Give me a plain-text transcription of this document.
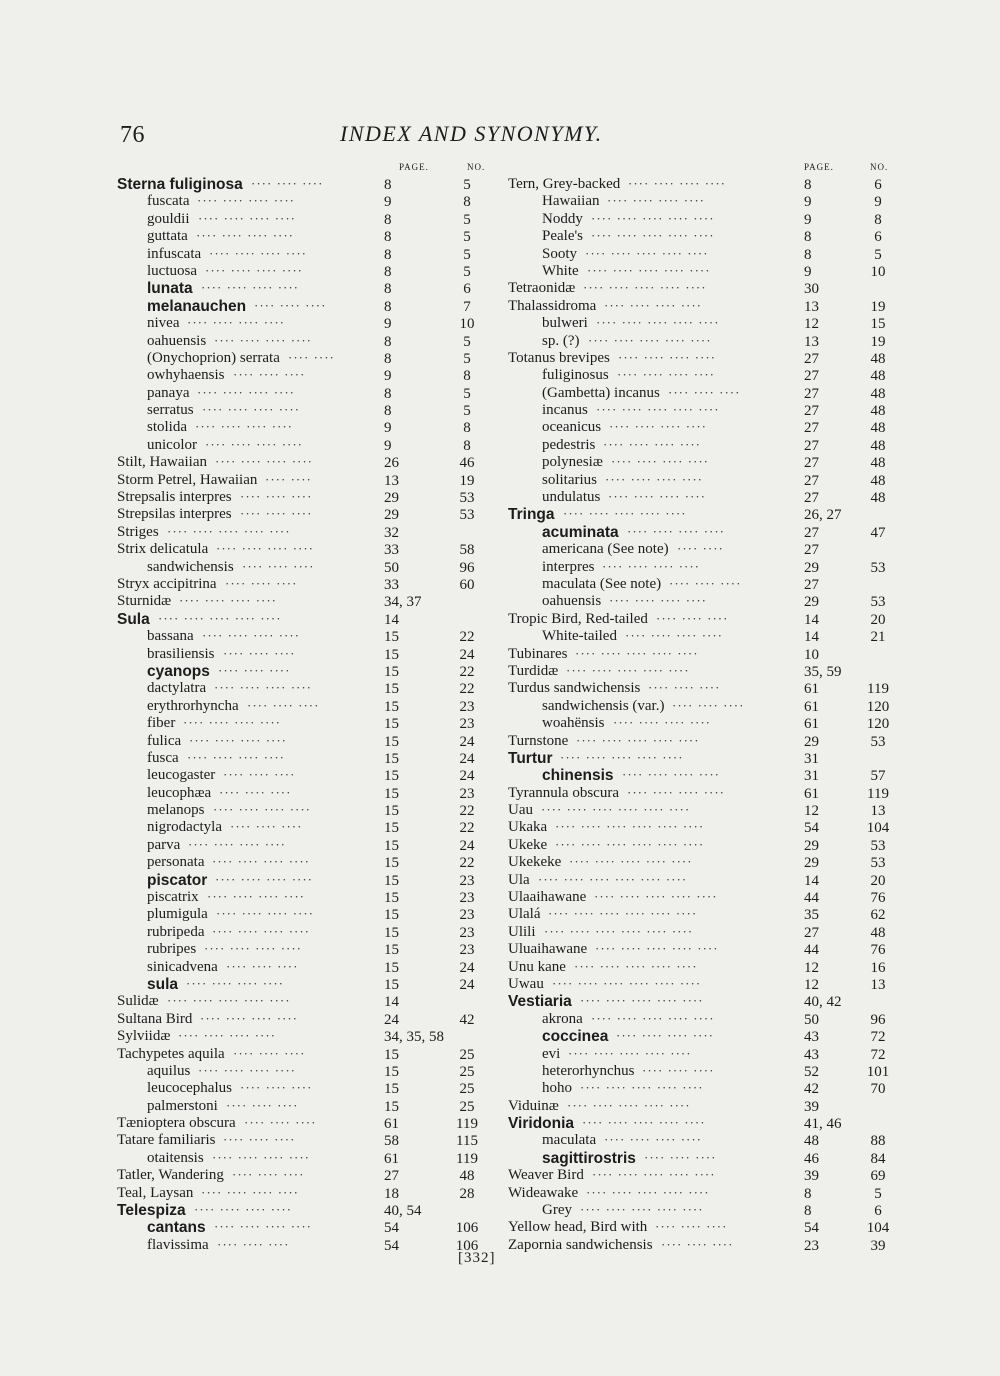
76	INDEX AND SYNONYMY.
PAGE.	NO.
Sterna fuliginosa ···· ···· ····	8	5
fuscata ···· ···· ···· ····	9	8
gouldii ···· ···· ···· ····	8	5
guttata ···· ···· ···· ····	8	5
infuscata ···· ···· ···· ····	8	5
luctuosa ···· ···· ···· ····	8	5
lunata ···· ···· ···· ····	8	6
melanauchen ···· ···· ····	8	7
nivea ···· ···· ···· ····	9	10
oahuensis ···· ···· ···· ····	8	5
(Onychoprion) serrata ···· ····	8	5
owhyhaensis ···· ···· ····	9	8
panaya ···· ···· ···· ····	8	5
serratus ···· ···· ···· ····	8	5
stolida ···· ···· ···· ····	9	8
unicolor ···· ···· ···· ····	9	8
Stilt, Hawaiian ···· ···· ···· ····	26	46
Storm Petrel, Hawaiian ···· ····	13	19
Strepsalis interpres ···· ···· ····	29	53
Strepsilas interpres ···· ···· ····	29	53
Striges ···· ···· ···· ···· ····	32
Strix delicatula ···· ···· ···· ····	33	58
sandwichensis ···· ···· ····	50	96
Stryx accipitrina ···· ···· ····	33	60
Sturnidæ ···· ···· ···· ····	34, 37
Sula ···· ···· ···· ···· ····	14
bassana ···· ···· ···· ····	15	22
brasiliensis ···· ···· ····	15	24
cyanops ···· ···· ····	15	22
dactylatra ···· ···· ···· ····	15	22
erythrorhyncha ···· ···· ····	15	23
fiber ···· ···· ···· ····	15	23
fulica ···· ···· ···· ····	15	24
fusca ···· ···· ···· ····	15	24
leucogaster ···· ···· ····	15	24
leucophæa ···· ···· ····	15	23
melanops ···· ···· ···· ····	15	22
nigrodactyla ···· ···· ····	15	22
parva ···· ···· ···· ····	15	24
personata ···· ···· ···· ····	15	22
piscator ···· ···· ···· ····	15	23
piscatrix ···· ···· ···· ····	15	23
plumigula ···· ···· ···· ····	15	23
rubripeda ···· ···· ···· ····	15	23
rubripes ···· ···· ···· ····	15	23
sinicadvena ···· ···· ····	15	24
sula ···· ···· ···· ····	15	24
Sulidæ ···· ···· ···· ···· ····	14
Sultana Bird ···· ···· ···· ····	24	42
Sylviidæ ···· ···· ···· ····	34, 35, 58
Tachypetes aquila ···· ···· ····	15	25
aquilus ···· ···· ···· ····	15	25
leucocephalus ···· ···· ····	15	25
palmerstoni ···· ···· ····	15	25
Tænioptera obscura ···· ···· ····	61	119
Tatare familiaris ···· ···· ····	58	115
otaitensis ···· ···· ···· ····	61	119
Tatler, Wandering ···· ···· ····	27	48
Teal, Laysan ···· ···· ···· ····	18	28
Telespiza ···· ···· ···· ····	40, 54
cantans ···· ···· ···· ····	54	106
flavissima ···· ···· ····	54	106
PAGE.	NO.
Tern, Grey-backed ···· ···· ···· ····	8	6
Hawaiian ···· ···· ···· ····	9	9
Noddy ···· ···· ···· ···· ····	9	8
Peale's ···· ···· ···· ···· ····	8	6
Sooty ···· ···· ···· ···· ····	8	5
White ···· ···· ···· ···· ····	9	10
Tetraonidæ ···· ···· ···· ···· ····	30
Thalassidroma ···· ···· ···· ····	13	19
bulweri ···· ···· ···· ···· ····	12	15
sp. (?) ···· ···· ···· ···· ····	13	19
Totanus brevipes ···· ···· ···· ····	27	48
fuliginosus ···· ···· ···· ····	27	48
(Gambetta) incanus ···· ···· ····	27	48
incanus ···· ···· ···· ···· ····	27	48
oceanicus ···· ···· ···· ····	27	48
pedestris ···· ···· ···· ····	27	48
polynesiæ ···· ···· ···· ····	27	48
solitarius ···· ···· ···· ····	27	48
undulatus ···· ···· ···· ····	27	48
Tringa ···· ···· ···· ···· ····	26, 27
acuminata ···· ···· ···· ····	27	47
americana (See note) ···· ····	27
interpres ···· ···· ···· ····	29	53
maculata (See note) ···· ···· ····	27
oahuensis ···· ···· ···· ····	29	53
Tropic Bird, Red-tailed ···· ···· ····	14	20
White-tailed ···· ···· ···· ····	14	21
Tubinares ···· ···· ···· ···· ····	10
Turdidæ ···· ···· ···· ···· ····	35, 59
Turdus sandwichensis ···· ···· ····	61	119
sandwichensis (var.) ···· ···· ····	61	120
woahënsis ···· ···· ···· ····	61	120
Turnstone ···· ···· ···· ···· ····	29	53
Turtur ···· ···· ···· ···· ····	31
chinensis ···· ···· ···· ····	31	57
Tyrannula obscura ···· ···· ···· ····	61	119
Uau ···· ···· ···· ···· ···· ····	12	13
Ukaka ···· ···· ···· ···· ···· ····	54	104
Ukeke ···· ···· ···· ···· ···· ····	29	53
Ukekeke ···· ···· ···· ···· ····	29	53
Ula ···· ···· ···· ···· ···· ····	14	20
Ulaaihawane ···· ···· ···· ···· ····	44	76
Ulalá ···· ···· ···· ···· ···· ····	35	62
Ulili ···· ···· ···· ···· ···· ····	27	48
Uluaihawane ···· ···· ···· ···· ····	44	76
Unu kane ···· ···· ···· ···· ····	12	16
Uwau ···· ···· ···· ···· ···· ····	12	13
Vestiaria ···· ···· ···· ···· ····	40, 42
akrona ···· ···· ···· ···· ····	50	96
coccinea ···· ···· ···· ····	43	72
evi ···· ···· ···· ···· ····	43	72
heterorhynchus ···· ···· ····	52	101
hoho ···· ···· ···· ···· ····	42	70
Viduinæ ···· ···· ···· ···· ····	39
Viridonia ···· ···· ···· ···· ····	41, 46
maculata ···· ···· ···· ····	48	88
sagittirostris ···· ···· ····	46	84
Weaver Bird ···· ···· ···· ···· ····	39	69
Wideawake ···· ···· ···· ···· ····	8	5
Grey ···· ···· ···· ···· ····	8	6
Yellow head, Bird with ···· ···· ····	54	104
Zapornia sandwichensis ···· ···· ····	23	39
[332]
